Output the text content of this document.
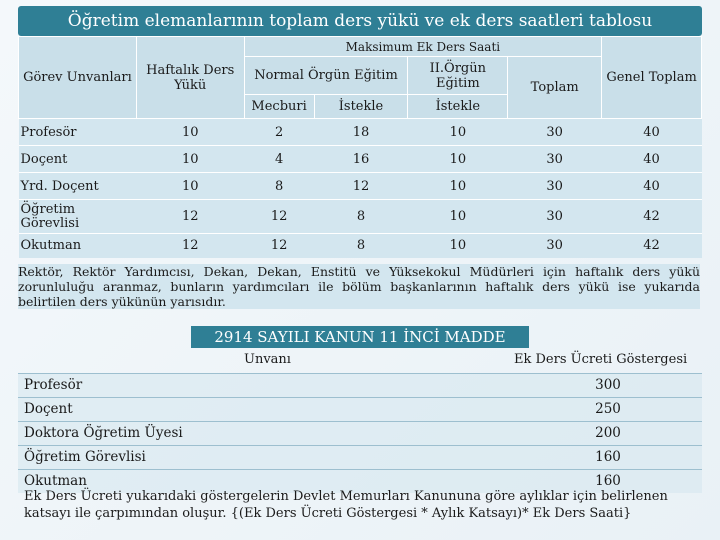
Öğretim elemanlarının toplam ders yükü ve ek ders saatleri tablosu
Görev Unvanları	Haftalık Ders Yükü	Maksimum Ek Ders Saati				Genel Toplam
		Normal Örgün Eğitim		II.Örgün Eğitim	Toplam	
		Mecburi	İstekle	İstekle		
Profesör	10	2	18	10	30	40
Doçent	10	4	16	10	30	40
Yrd. Doçent	10	8	12	10	30	40
Öğretim Görevlisi	12	12	8	10	30	42
Okutman	12	12	8	10	30	42
Rektör, Rektör Yardımcısı, Dekan, Dekan, Enstitü ve Yüksekokul Müdürleri için haftalık ders yükü zorunluluğu aranmaz, bunların yardımcıları ile bölüm başkanlarının haftalık ders yükü ise yukarıda belirtilen ders yükünün yarısıdır.
2914 SAYILI KANUN 11 İNCİ MADDE
Unvanı	Ek Ders Ücreti Göstergesi
Profesör	300
Doçent	250
Doktora Öğretim Üyesi	200
Öğretim Görevlisi	160
Okutman	160
Ek Ders Ücreti yukarıdaki göstergelerin Devlet Memurları Kanununa göre aylıklar için belirlenen katsayı ile çarpımından oluşur. {(Ek Ders Ücreti Göstergesi * Aylık Katsayı)* Ek Ders Saati}
